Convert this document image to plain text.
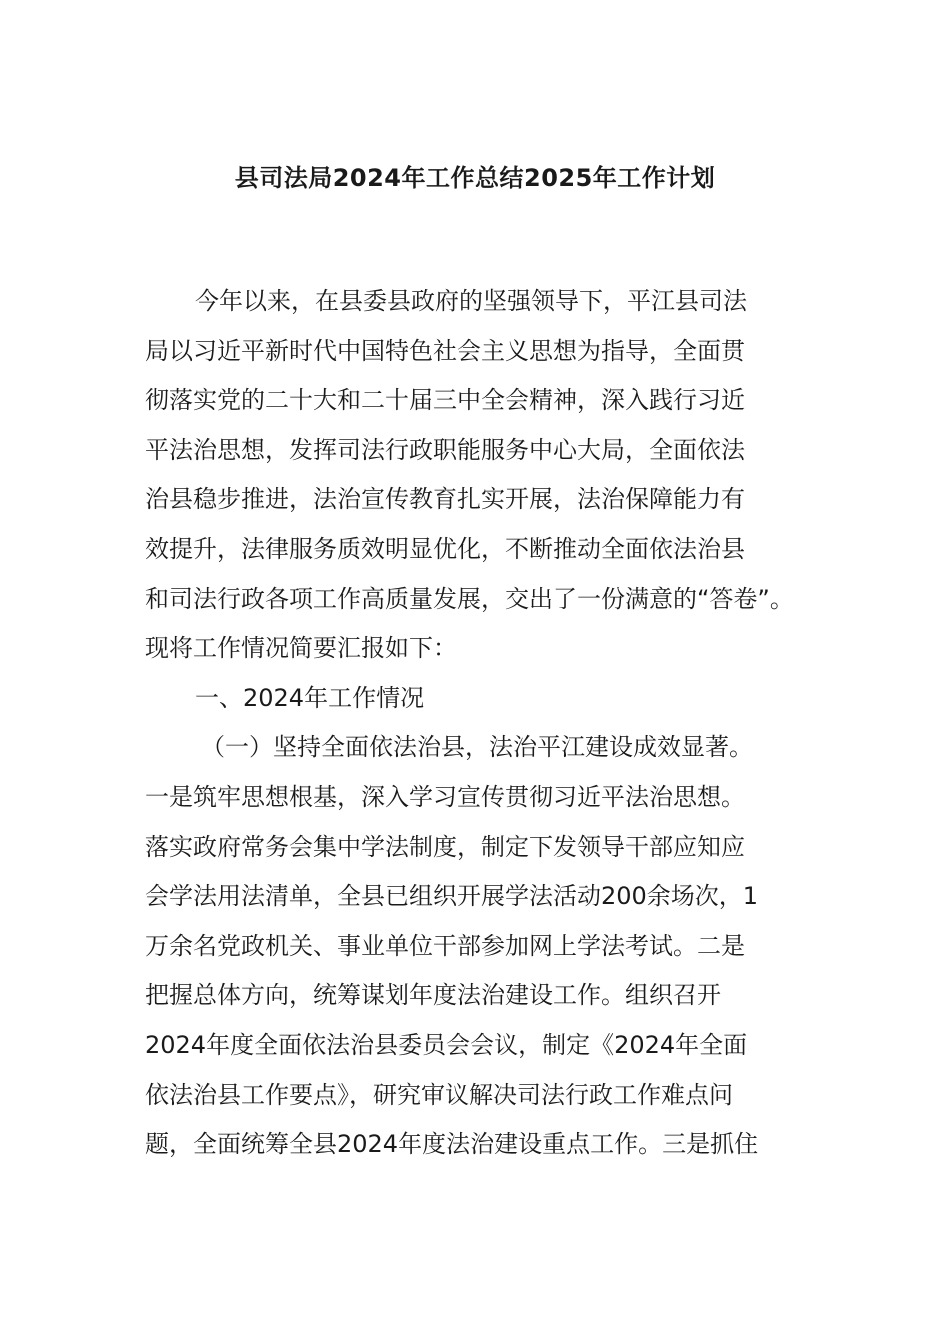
县司法局2024年工作总结2025年工作计划
今年以来，在县委县政府的坚强领导下，平江县司法
局以习近平新时代中国特色社会主义思想为指导，全面贯
彻落实党的二十大和二十届三中全会精神，深入践行习近
平法治思想，发挥司法行政职能服务中心大局，全面依法
治县稳步推进，法治宣传教育扎实开展，法治保障能力有
效提升，法律服务质效明显优化，不断推动全面依法治县
和司法行政各项工作高质量发展，交出了一份满意的“答卷”。
现将工作情况简要汇报如下：
一、2024年工作情况
（一）坚持全面依法治县，法治平江建设成效显著。
一是筑牢思想根基，深入学习宣传贯彻习近平法治思想。
落实政府常务会集中学法制度，制定下发领导干部应知应
会学法用法清单，全县已组织开展学法活动200余场次，1
万余名党政机关、事业单位干部参加网上学法考试。二是
把握总体方向，统筹谋划年度法治建设工作。组织召开
2024年度全面依法治县委员会会议，制定《2024年全面
依法治县工作要点》，研究审议解决司法行政工作难点问
题，全面统筹全县2024年度法治建设重点工作。三是抓住
